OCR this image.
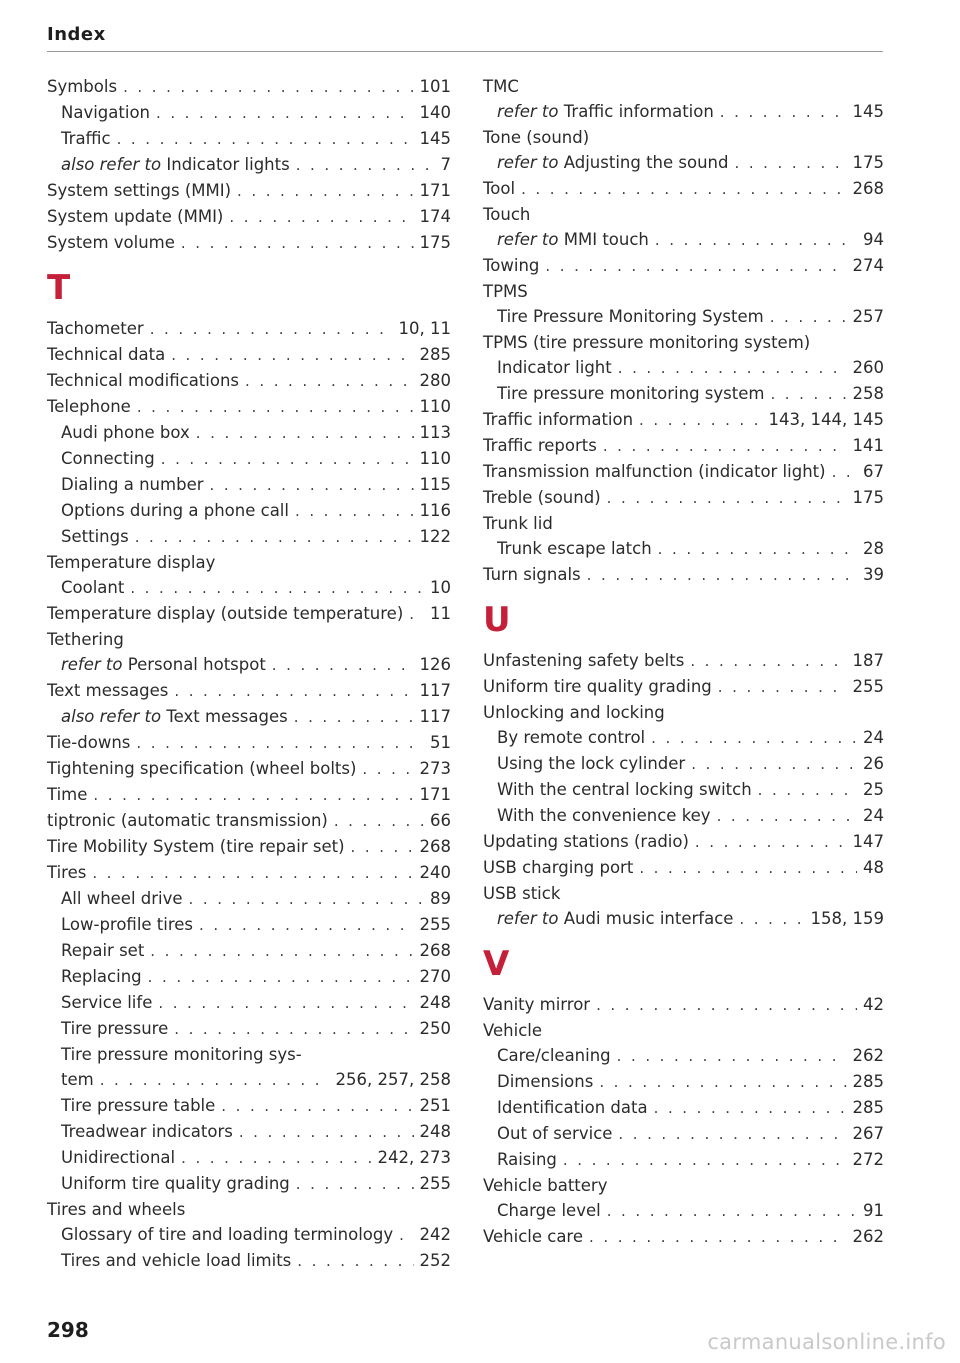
Index
Symbols . . .	101
Navigation . . .	140
Traffic . . .	145
also refer to Indicator lights . . .	7
System settings (MMI) . . .	171
System update (MMI) . . .	174
System volume . . .	175
T
Tachometer . . .	10, 11
Technical data . . .	285
Technical modifications . . .	280
Telephone . . .	110
Audi phone box . . .	113
Connecting . . .	110
Dialing a number . . .	115
Options during a phone call . . .	116
Settings . . .	122
Temperature display
Coolant . . .	10
Temperature display (outside temperature) . . . 11
Tethering
refer to Personal hotspot . . .	126
Text messages . . .	117
also refer to Text messages . . .	117
Tie-downs . . .	51
Tightening specification (wheel bolts) . . .	273
Time . . .	171
tiptronic (automatic transmission) . . .	66
Tire Mobility System (tire repair set) . . .	268
Tires . . .	240
All wheel drive . . .	89
Low-profile tires . . .	255
Repair set . . .	268
Replacing . . .	270
Service life . . .	248
Tire pressure . . .	250
Tire pressure monitoring sys-
tem . . .	256, 257, 258
Tire pressure table . . .	251
Treadwear indicators . . .	248
Unidirectional . . .	242, 273
Uniform tire quality grading . . .	255
Tires and wheels
Glossary of tire and loading terminology . . . 242
Tires and vehicle load limits . . .	252
TMC
refer to Traffic information . . .	145
Tone (sound)
refer to Adjusting the sound . . .	175
Tool . . .	268
Touch
refer to MMI touch . . .	94
Towing . . .	274
TPMS
Tire Pressure Monitoring System . . .	257
TPMS (tire pressure monitoring system)
Indicator light . . .	260
Tire pressure monitoring system . . .	258
Traffic information . . .	143, 144, 145
Traffic reports . . .	141
Transmission malfunction (indicator light) . . . 67
Treble (sound) . . .	175
Trunk lid
Trunk escape latch . . .	28
Turn signals . . .	39
U
Unfastening safety belts . . .	187
Uniform tire quality grading . . .	255
Unlocking and locking
By remote control . . .	24
Using the lock cylinder . . .	26
With the central locking switch . . .	25
With the convenience key . . .	24
Updating stations (radio) . . .	147
USB charging port . . .	48
USB stick
refer to Audi music interface . . .	158, 159
V
Vanity mirror . . .	42
Vehicle
Care/cleaning . . .	262
Dimensions . . .	285
Identification data . . .	285
Out of service . . .	267
Raising . . .	272
Vehicle battery
Charge level . . .	91
Vehicle care . . .	262
298	carmanualsonline.info
